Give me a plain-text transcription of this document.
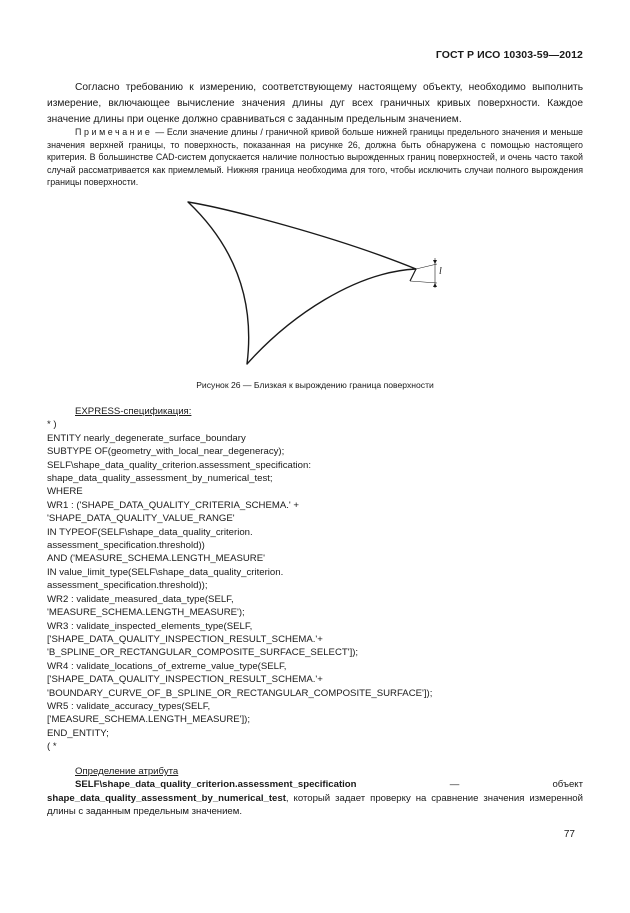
ГОСТ Р ИСО 10303-59—2012
Согласно требованию к измерению, соответствующему настоящему объекту, необходимо выполнить измерение, включающее вычисление значения длины дуг всех граничных кривых поверхности. Каждое значение длины при оценке должно сравниваться с заданным предельным значением.
Примечание — Если значение длины / граничной кривой больше нижней границы предельного значения и меньше значения верхней границы, то поверхность, показанная на рисунке 26, должна быть обнаружена с помощью настоящего критерия. В большинстве CAD-систем допускается наличие полностью вырожденных границ поверхностей, и очень часто такой случай рассматривается как приемлемый. Нижняя граница необходима для того, чтобы исключить случаи полного вырождения границы поверхности.
l
Рисунок 26 — Близкая к вырождению граница поверхности
EXPRESS-спецификация:
* )
ENTITY nearly_degenerate_surface_boundary
SUBTYPE OF(geometry_with_local_near_degeneracy);
SELF\shape_data_quality_criterion.assessment_specification:
shape_data_quality_assessment_by_numerical_test;
WHERE
WR1 : ('SHAPE_DATA_QUALITY_CRITERIA_SCHEMA.' +
'SHAPE_DATA_QUALITY_VALUE_RANGE'
IN TYPEOF(SELF\shape_data_quality_criterion.
assessment_specification.threshold))
AND ('MEASURE_SCHEMA.LENGTH_MEASURE'
IN value_limit_type(SELF\shape_data_quality_criterion.
assessment_specification.threshold));
WR2 : validate_measured_data_type(SELF,
'MEASURE_SCHEMA.LENGTH_MEASURE');
WR3 : validate_inspected_elements_type(SELF,
['SHAPE_DATA_QUALITY_INSPECTION_RESULT_SCHEMA.'+
'B_SPLINE_OR_RECTANGULAR_COMPOSITE_SURFACE_SELECT']);
WR4 : validate_locations_of_extreme_value_type(SELF,
['SHAPE_DATA_QUALITY_INSPECTION_RESULT_SCHEMA.'+
'BOUNDARY_CURVE_OF_B_SPLINE_OR_RECTANGULAR_COMPOSITE_SURFACE']);
WR5 : validate_accuracy_types(SELF,
['MEASURE_SCHEMA.LENGTH_MEASURE']);
END_ENTITY;
( *
Определение атрибута
SELF\shape_data_quality_criterion.assessment_specification — объект shape_data_quality_assessment_by_numerical_test, который задает проверку на сравнение значения измеренной длины с заданным предельным значением.
77
